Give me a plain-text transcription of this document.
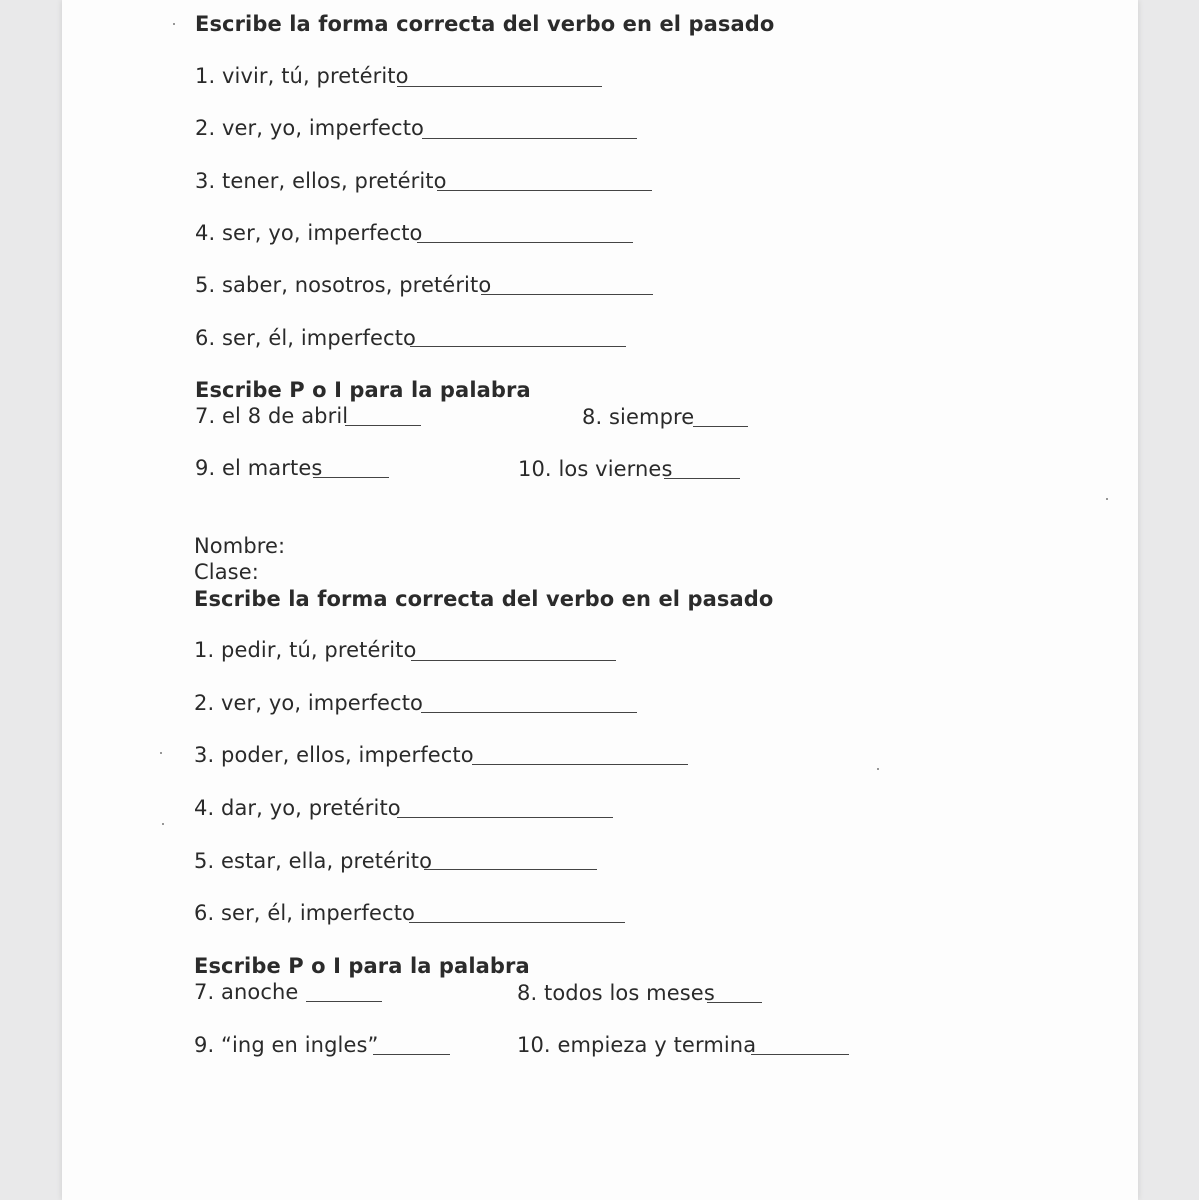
Escribe la forma correcta del verbo en el pasado
1. vivir, tú, pretérito
2. ver, yo, imperfecto
3. tener, ellos, pretérito
4. ser, yo, imperfecto
5. saber, nosotros, pretérito
6. ser, él, imperfecto
Escribe P o I para la palabra
7. el 8 de abril	8. siempre
9. el martes	10. los viernes
Nombre:
Clase:
Escribe la forma correcta del verbo en el pasado
1. pedir, tú, pretérito
2. ver, yo, imperfecto
3. poder, ellos, imperfecto
4. dar, yo, pretérito
5. estar, ella, pretérito
6. ser, él, imperfecto
Escribe P o I para la palabra
7. anoche	8. todos los meses
9. “ing en ingles”	10. empieza y termina
